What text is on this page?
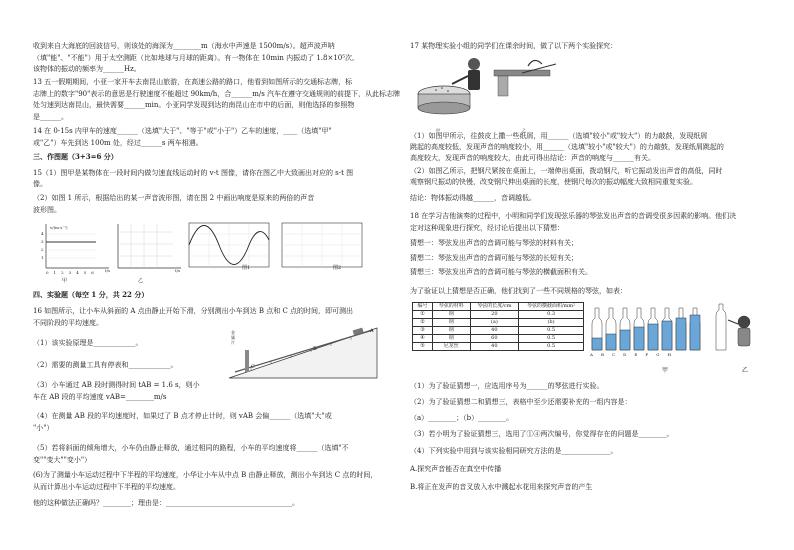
收到来自大海底的回波信号，则该处的海深为________m（海水中声速是 1500m/s）。超声波声呐
（填"能"、"不能"）用于太空测距（比如地球与月球的距离）。有一物体在 10min 内振动了 1.8×10⁵次,
该物体的振动的频率为______Hz。
13 五一假期期间，小亚一家开车去南昆山旅游，在高速公路的路口，他看到如图所示的交通标志牌，标
志牌上的数字"90"表示的意思是行驶速度不能超过 90km/h，合______m/s 汽车在遵守交通规则的前提下，从此标志牌
处匀速到达南昆山，最快需要______min。小亚同学发现到达的南昆山在市中的后面，则他选择的参照物
是______。
14 在 0-15s 内甲车的速度______（选填"大于"、"等于"或"小于"）乙车的速度，____（选填"甲"
或"乙"）车先到达 100m 处，经过______s 两车相遇。
三、作图题（3+3=6 分）
15（1）图甲是某物体在一段时间内做匀速直线运动时的 v-t 图像，请你在图乙中大致画出对应的 s-t 图
像。
（2）如图 1 所示，根据给出的某一声音波形图，请在图 2 中画出响度是原来的两倍的声音
波形图。
v/(m·s⁻¹)
t/s
4
3
2
1
0 1 2 3 4 5 6
甲
t/s
乙
图1	图2
四、实验题（每空 1 分，共 22 分）
16 如图所示，让小车从斜面的 A 点由静止开始下滑，分别测出小车到达 B 点和 C 点的时间，即可测出
不同阶段的平均速度。
（1）该实验原理是____________。
（2）需要的测量工具有停表和____________。
（3）小车通过 AB 段时测得时间 tAB = 1.6 s，则小
车在 AB 段的平均速度 vAB=________m/s
（4）在测量 AB 段的平均速度时，如果过了 B 点才停止计时，则 vAB 会偏______（选填"大"或
"小"）
（5）若将斜面的倾角增大，小车仍由静止释放，通过相同的路程，小车的平均速度将______（选填"不
变""变大""变小"）
(6)为了测量小车运动过程中下半程的平均速度，小华让小车从中点 B 由静止释放，测出小车到达 C 点的时间，
从而计算出小车运动过程中下半程的平均速度。
他的这种做法正确吗？________；理由是：____________________________________。
金属片
A
B
C
17 某物理实验小组的同学们在课余时间，做了以下两个实验探究：
甲	乙
（1）如图甲所示，往鼓皮上撒一些纸屑，用______（选填"较小"或"较大"）的力敲鼓，发现纸屑
跳起的高度较低，发现声音的响度较小，用______（选填"较小"或"较大"）的力敲鼓，发现纸屑跳起的
高度较大，发现声音的响度较大，由此可得出结论：声音的响度与______有关。
（2）如图乙所示，把钢尺紧按在桌面上，一端伸出桌面，拨动钢尺，听它振动发出声音的高低，同时
观察钢尺振动的快慢，改变钢尺伸出桌面的长度，使钢尺每次的振动幅度大致相同重复实验。
结论：物体振动得越______，音调越低。
18 在学习吉他演奏的过程中，小明和同学们发现弦乐器的琴弦发出声音的音调受很多因素的影响。他们决
定对这种现象进行探究，经讨论后提出以下猜想：
猜想一：琴弦发出声音的音调可能与琴弦的材料有关；
猜想二：琴弦发出声音的音调可能与琴弦的长短有关；
猜想三：琴弦发出声音的音调可能与琴弦的横截面积有关。
为了验证以上猜想是否正确，他们找到了一些不同规格的琴弦，如表：
编号	琴弦的材料	琴弦的长度/cm	琴弦的横截面积/mm²
①	钢	20	0.3
②	钢	(a)	(b)
③	钢	40	0.5
④	钢	60	0.5
⑤	尼龙丝	40	0.5
A B C D E F G H
甲	乙
（1）为了验证猜想一，应选用序号为______的琴弦进行实验。
（2）为了验证猜想二和猜想三，表格中至少还需要补充的一组内容是：
（a）________；（b）________。
（3）若小明为了验证猜想三，选用了①④两次编号，你觉得存在的问题是________。
（4）下列实验中用到与该实验相同研究方法的是______________。
A.探究声音能否在真空中传播
B.将正在发声的音叉放入水中溅起水花用来探究声音的产生
